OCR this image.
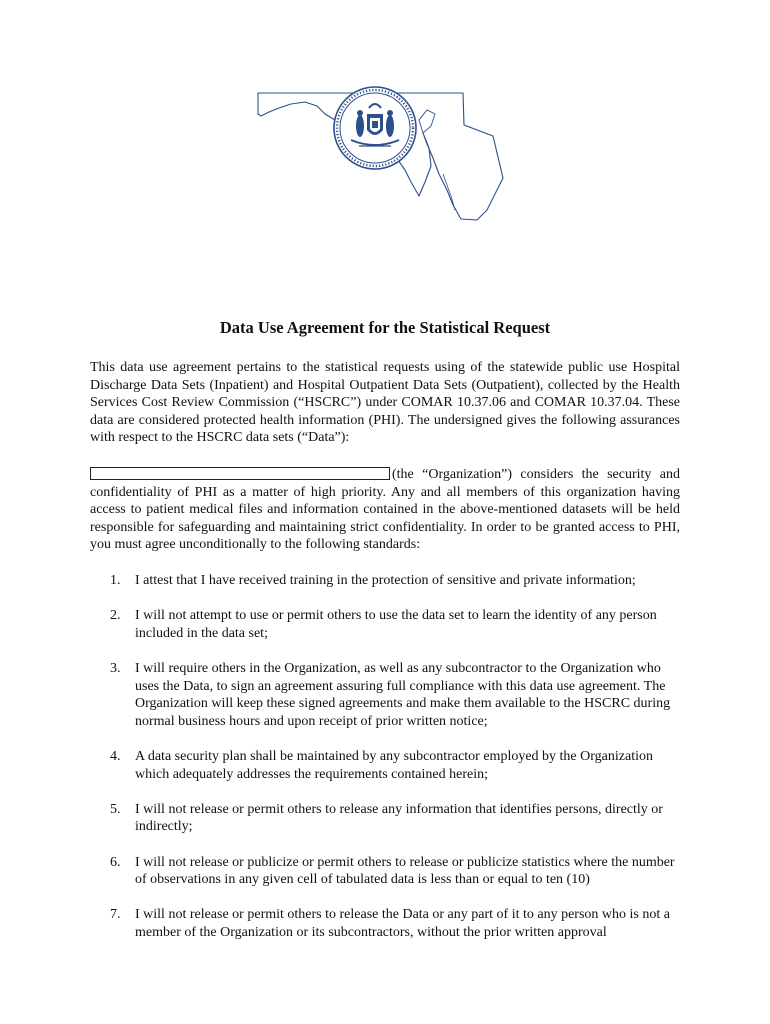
Data Use Agreement for the Statistical Request

This data use agreement pertains to the statistical requests using of the statewide public use Hospital Discharge Data Sets (Inpatient) and Hospital Outpatient Data Sets (Outpatient), collected by the Health Services Cost Review Commission (“HSCRC”) under COMAR 10.37.06 and COMAR 10.37.04. These data are considered protected health information (PHI). The undersigned gives the following assurances with respect to the HSCRC data sets (“Data”):

(the “Organization”) considers the security and confidentiality of PHI as a matter of high priority. Any and all members of this organization having access to patient medical files and information contained in the above-mentioned datasets will be held responsible for safeguarding and maintaining strict confidentiality. In order to be granted access to PHI, you must agree unconditionally to the following standards:

1. I attest that I have received training in the protection of sensitive and private information;
2. I will not attempt to use or permit others to use the data set to learn the identity of any person included in the data set;
3. I will require others in the Organization, as well as any subcontractor to the Organization who uses the Data, to sign an agreement assuring full compliance with this data use agreement. The Organization will keep these signed agreements and make them available to the HSCRC during normal business hours and upon receipt of prior written notice;
4. A data security plan shall be maintained by any subcontractor employed by the Organization which adequately addresses the requirements contained herein;
5. I will not release or permit others to release any information that identifies persons, directly or indirectly;
6. I will not release or publicize or permit others to release or publicize statistics where the number of observations in any given cell of tabulated data is less than or equal to ten (10)
7. I will not release or permit others to release the Data or any part of it to any person who is not a member of the Organization or its subcontractors, without the prior written approval
